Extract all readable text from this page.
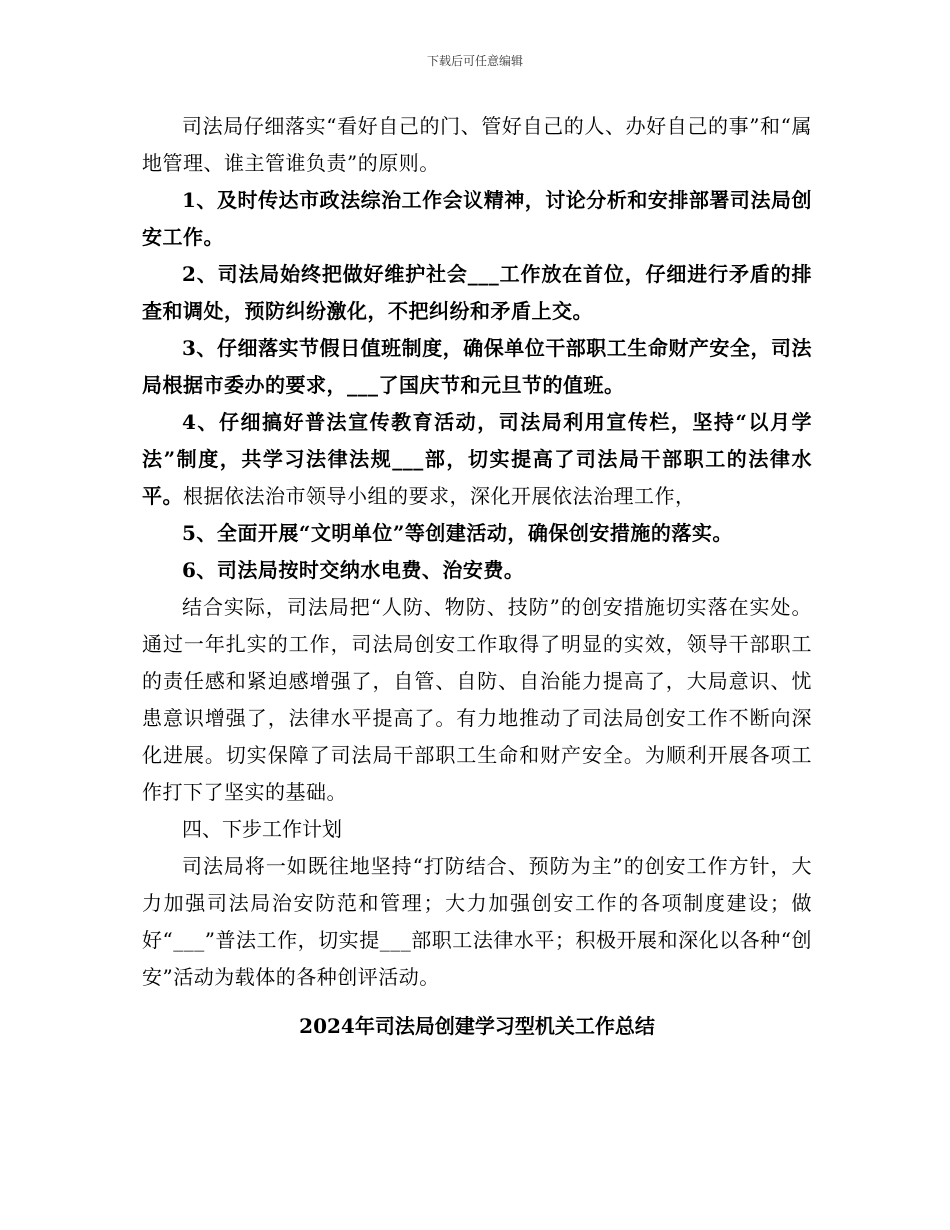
下载后可任意编辑

司法局仔细落实“看好自己的门、管好自己的人、办好自己的事”和“属地管理、谁主管谁负责”的原则。

1、及时传达市政法综治工作会议精神，讨论分析和安排部署司法局创安工作。

2、司法局始终把做好维护社会___工作放在首位，仔细进行矛盾的排查和调处，预防纠纷激化，不把纠纷和矛盾上交。

3、仔细落实节假日值班制度，确保单位干部职工生命财产安全，司法局根据市委办的要求，___了国庆节和元旦节的值班。

4、仔细搞好普法宣传教育活动，司法局利用宣传栏，坚持“以月学法”制度，共学习法律法规___部，切实提高了司法局干部职工的法律水平。根据依法治市领导小组的要求，深化开展依法治理工作，

5、全面开展“文明单位”等创建活动，确保创安措施的落实。

6、司法局按时交纳水电费、治安费。

结合实际，司法局把“人防、物防、技防”的创安措施切实落在实处。通过一年扎实的工作，司法局创安工作取得了明显的实效，领导干部职工的责任感和紧迫感增强了，自管、自防、自治能力提高了，大局意识、忧患意识增强了，法律水平提高了。有力地推动了司法局创安工作不断向深化进展。切实保障了司法局干部职工生命和财产安全。为顺利开展各项工作打下了坚实的基础。

四、下步工作计划

司法局将一如既往地坚持“打防结合、预防为主”的创安工作方针，大力加强司法局治安防范和管理；大力加强创安工作的各项制度建设；做好“___”普法工作，切实提___部职工法律水平；积极开展和深化以各种“创安”活动为载体的各种创评活动。

2024年司法局创建学习型机关工作总结
